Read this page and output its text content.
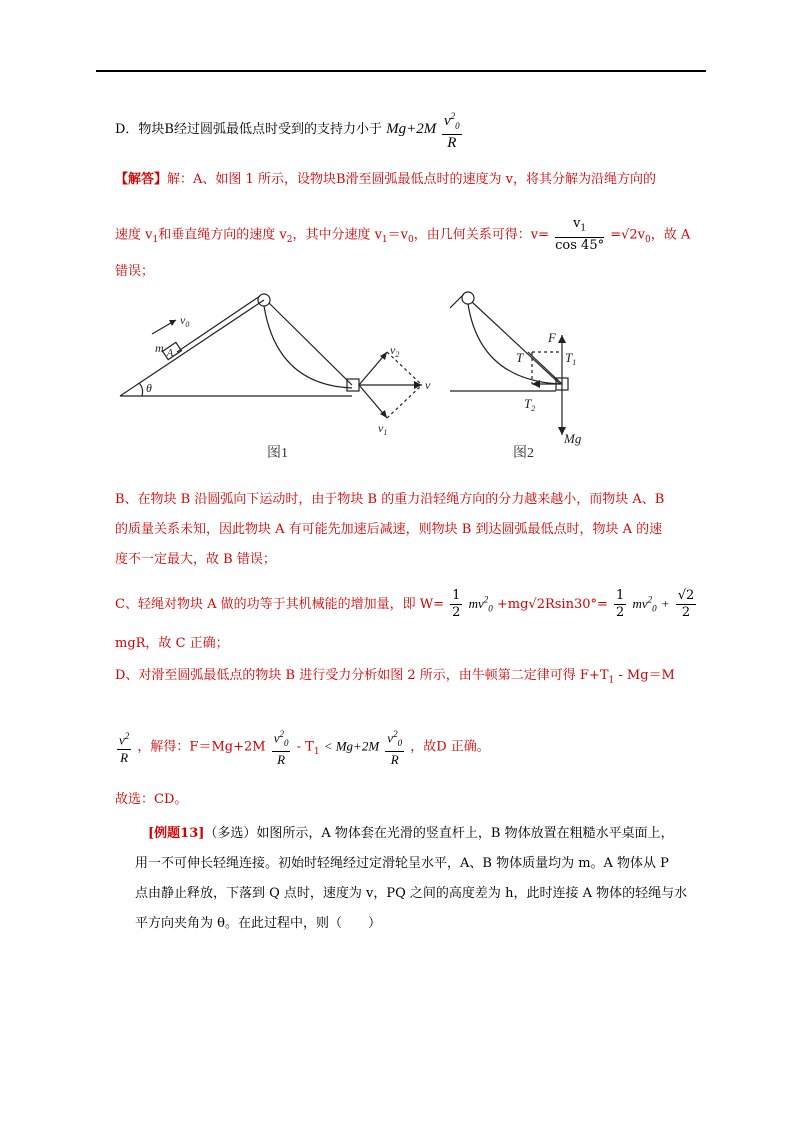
D．物块B经过圆弧最低点时受到的支持力小于 $Mg+2M \frac{v^2_0}{R}$
【解答】解：A、如图 1 所示，设物块B滑至圆弧最低点时的速度为 v，将其分解为沿绳方向的
速度 $v_1$和垂直绳方向的速度 $v_2$，其中分速度 $v_1=v_0$，由几何关系可得：$v= \frac{v_1}{\cos 45^\circ} =√2v_0$，故 A
错误；
$v_0$
m A
θ
$v_2$
v
$v_1$
图1
F
T	$T_1$
$T_2$
Mg
图2
B、在物块 B 沿圆弧向下运动时，由于物块 B 的重力沿轻绳方向的分力越来越小，而物块 A、B
的质量关系未知，因此物块 A 有可能先加速后减速，则物块 B 到达圆弧最低点时，物块 A 的速
度不一定最大，故 B 错误；
C、轻绳对物块 A 做的功等于其机械能的增加量，即 $W= \frac{1}{2} mv^2_0 +mg√2Rsin30^\circ= \frac{1}{2} mv^2_0 + \frac{√2}{2}$
mgR，故 C 正确；
D、对滑至圆弧最低点的物块 B 进行受力分析如图 2 所示，由牛顿第二定律可得 $F+T_1 - Mg=M$
$\frac{v^2}{R}$ ，解得：$F=Mg+2M \frac{v^2_0}{R} - T_1 < Mg+2M \frac{v^2_0}{R}$ ，故D 正确。
故选：CD。
[例题13]（多选）如图所示，A 物体套在光滑的竖直杆上，B 物体放置在粗糙水平桌面上，
用一不可伸长轻绳连接。初始时轻绳经过定滑轮呈水平，A、B 物体质量均为 m。A 物体从 P
点由静止释放，下落到 Q 点时，速度为 v，PQ 之间的高度差为 h，此时连接 A 物体的轻绳与水
平方向夹角为 θ。在此过程中，则（　　）
